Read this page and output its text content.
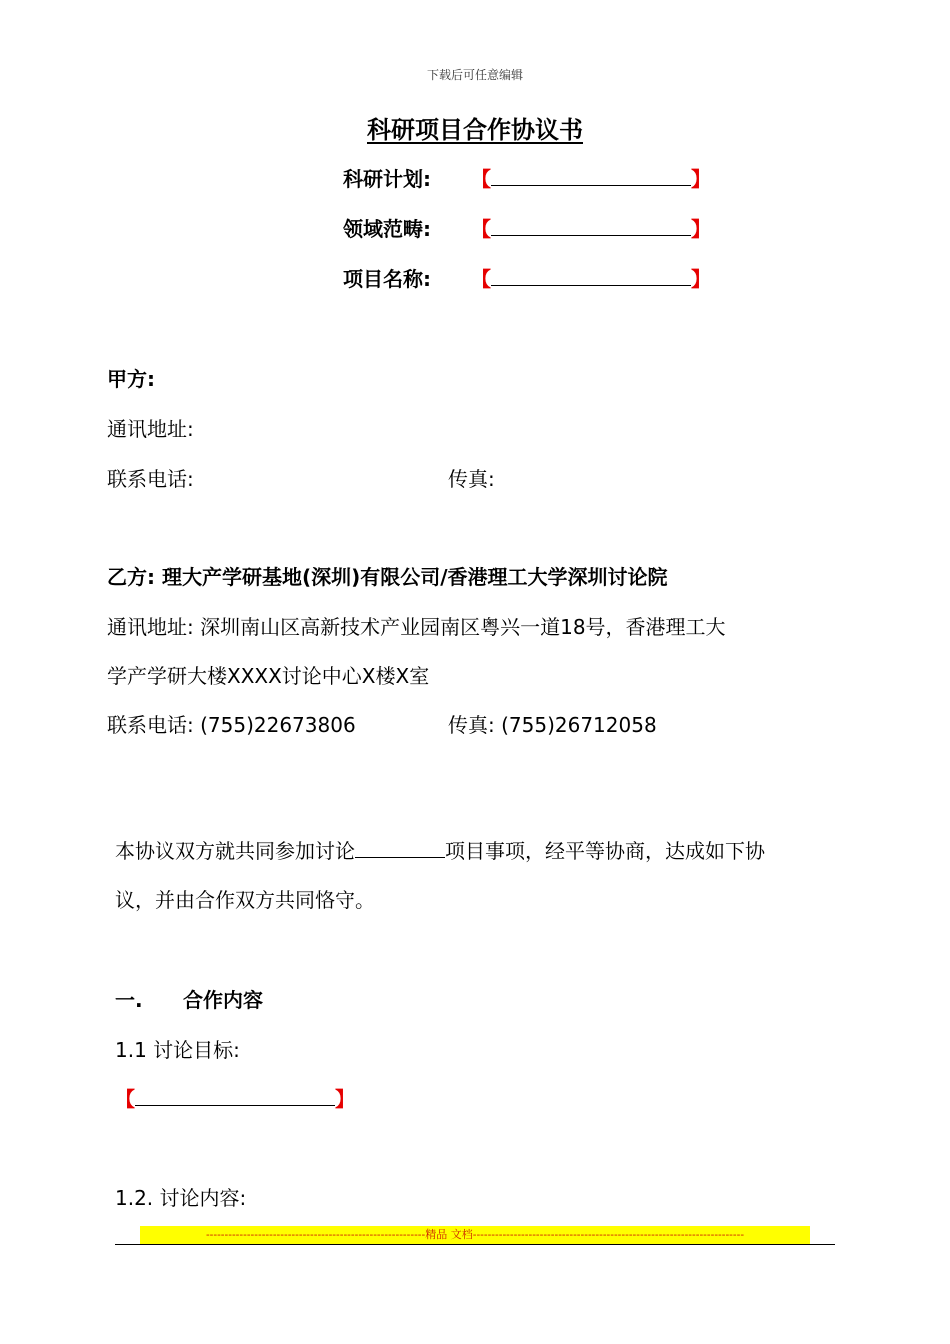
下载后可任意编辑
科研项目合作协议书
科研计划: 【	】
领域范畴: 【	】
项目名称: 【	】
甲方:
通讯地址:
联系电话:	传真:
乙方: 理大产学研基地(深圳)有限公司/香港理工大学深圳讨论院
通讯地址: 深圳南山区高新技术产业园南区粤兴一道18号，香港理工大
学产学研大楼XXXX讨论中心X楼X室
联系电话: (755)22673806	传真: (755)26712058
本协议双方就共同参加讨论	项目事项，经平等协商，达成如下协
议，并由合作双方共同恪守。
一. 合作内容
1.1 讨论目标:
【	】
1.2. 讨论内容:
-----------------------------------------------------------精品 文档-------------------------------------------------------------------------
